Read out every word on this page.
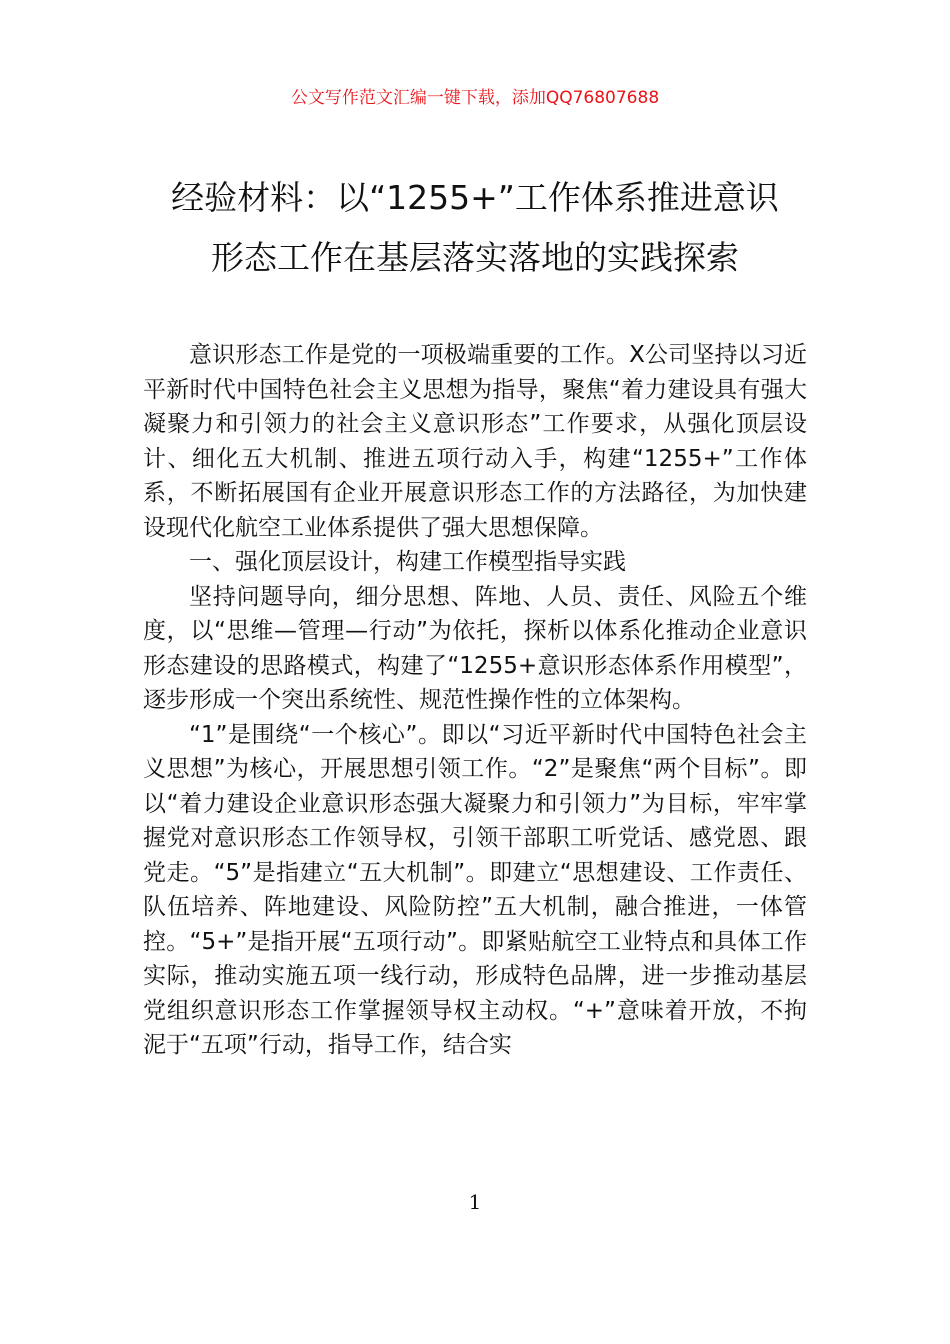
公文写作范文汇编一键下载，添加QQ76807688
经验材料：以“1255+”工作体系推进意识
形态工作在基层落实落地的实践探索

意识形态工作是党的一项极端重要的工作。X公司坚持以习近平新时代中国特色社会主义思想为指导，聚焦“着力建设具有强大凝聚力和引领力的社会主义意识形态”工作要求，从强化顶层设计、细化五大机制、推进五项行动入手，构建“1255+”工作体系，不断拓展国有企业开展意识形态工作的方法路径，为加快建设现代化航空工业体系提供了强大思想保障。

一、强化顶层设计，构建工作模型指导实践

坚持问题导向，细分思想、阵地、人员、责任、风险五个维度，以“思维—管理—行动”为依托，探析以体系化推动企业意识形态建设的思路模式，构建了“1255+意识形态体系作用模型”，逐步形成一个突出系统性、规范性操作性的立体架构。

“1”是围绕“一个核心”。即以“习近平新时代中国特色社会主义思想”为核心，开展思想引领工作。“2”是聚焦“两个目标”。即以“着力建设企业意识形态强大凝聚力和引领力”为目标，牢牢掌握党对意识形态工作领导权，引领干部职工听党话、感党恩、跟党走。“5”是指建立“五大机制”。即建立“思想建设、工作责任、队伍培养、阵地建设、风险防控”五大机制，融合推进，一体管控。“5+”是指开展“五项行动”。即紧贴航空工业特点和具体工作实际，推动实施五项一线行动，形成特色品牌，进一步推动基层党组织意识形态工作掌握领导权主动权。“+”意味着开放，不拘泥于“五项”行动，指导工作，结合实

1
